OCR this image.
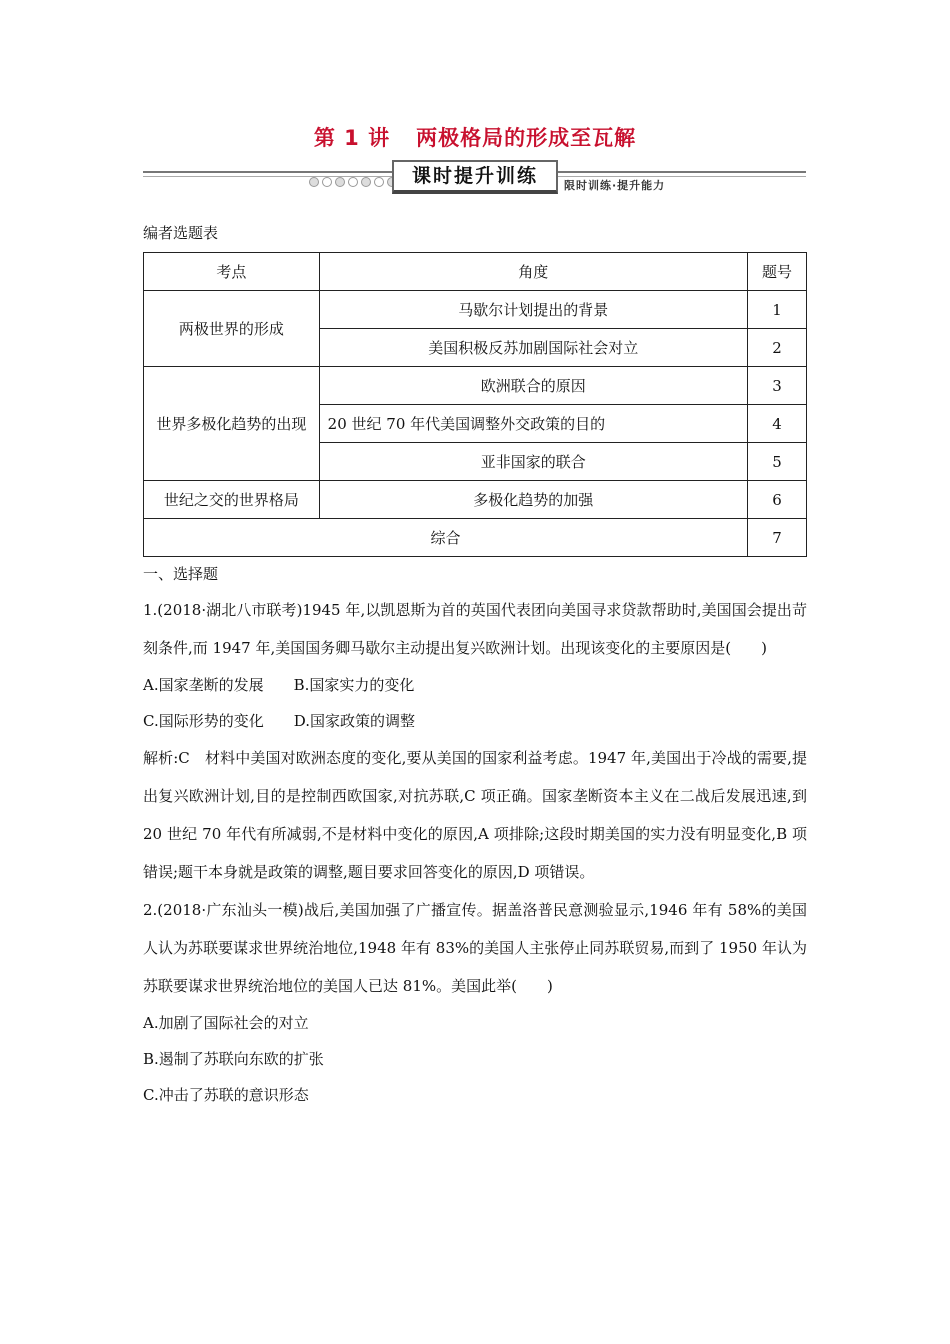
第 1 讲 两极格局的形成至瓦解
课时提升训练	限时训练·提升能力
编者选题表
考点	角度	题号
两极世界的形成	马歇尔计划提出的背景	1
	美国积极反苏加剧国际社会对立	2

世界多极化趋势的出现	欧洲联合的原因	3
	20 世纪 70 年代美国调整外交政策的目的	4
	亚非国家的联合	5
世纪之交的世界格局	多极化趋势的加强	6
综合		7

一、选择题

1.(2018·湖北八市联考)1945 年,以凯恩斯为首的英国代表团向美国寻求贷款帮助时,美国国会提出苛刻条件,而 1947 年,美国国务卿马歇尔主动提出复兴欧洲计划。出现该变化的主要原因是(　　)

A.国家垄断的发展 B.国家实力的变化

C.国际形势的变化 D.国家政策的调整

解析:C　材料中美国对欧洲态度的变化,要从美国的国家利益考虑。1947 年,美国出于冷战的需要,提出复兴欧洲计划,目的是控制西欧国家,对抗苏联,C 项正确。国家垄断资本主义在二战后发展迅速,到 20 世纪 70 年代有所减弱,不是材料中变化的原因,A 项排除;这段时期美国的实力没有明显变化,B 项错误;题干本身就是政策的调整,题目要求回答变化的原因,D 项错误。

2.(2018·广东汕头一模)战后,美国加强了广播宣传。据盖洛普民意测验显示,1946 年有 58%的美国人认为苏联要谋求世界统治地位,1948 年有 83%的美国人主张停止同苏联贸易,而到了 1950 年认为苏联要谋求世界统治地位的美国人已达 81%。美国此举(　　)

A.加剧了国际社会的对立

B.遏制了苏联向东欧的扩张

C.冲击了苏联的意识形态
